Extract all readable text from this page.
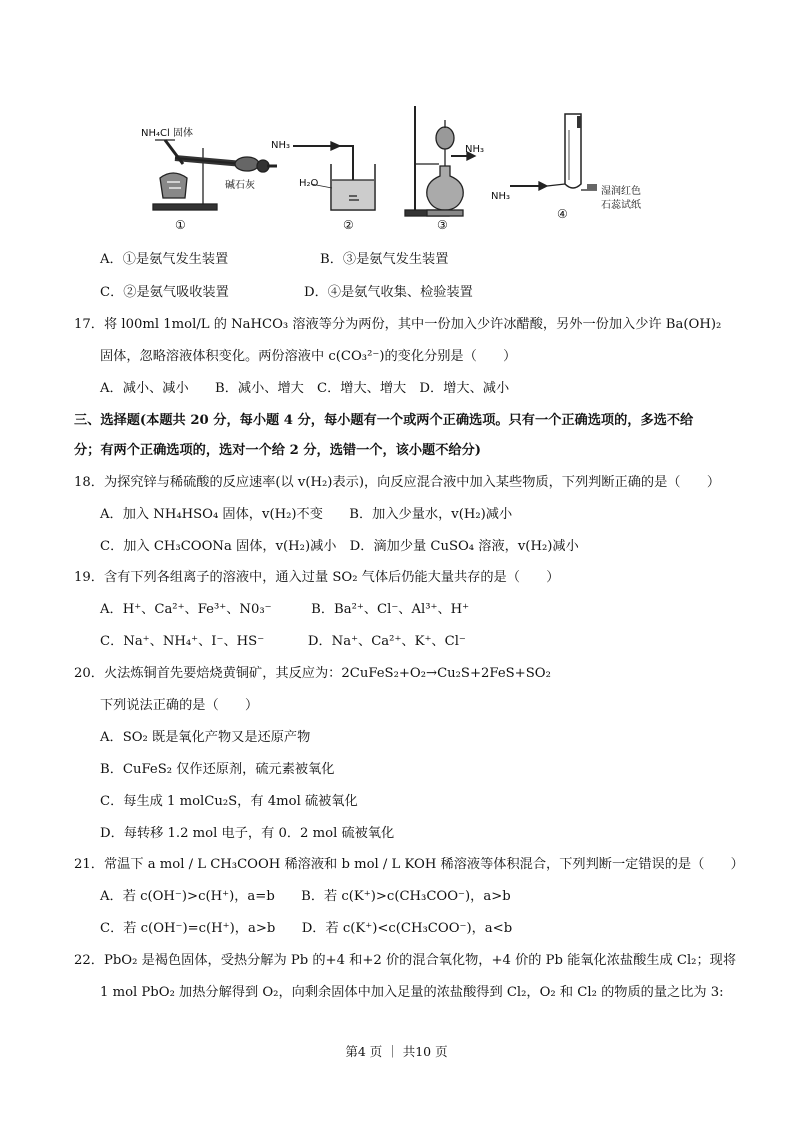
NH₄Cl 固体
NH₃
H₂O
碱石灰
NH₃
NH₃	湿润红色
石蕊试纸
①	②	③
④
A．①是氨气发生装置	B．③是氨气发生装置
C．②是氨气吸收装置	D．④是氨气收集、检验装置
17．将 l00ml 1mol/L 的 NaHCO₃ 溶液等分为两份，其中一份加入少许冰醋酸，另外一份加入少许 Ba(OH)₂
固体，忽略溶液体积变化。两份溶液中 c(CO₃²⁻)的变化分别是（　　）
A．减小、减小　　B．减小、增大　C．增大、增大　D．增大、减小
三、选择题(本题共 20 分，每小题 4 分，每小题有一个或两个正确选项。只有一个正确选项的，多选不给
分；有两个正确选项的，选对一个给 2 分，选错一个，该小题不给分)
18．为探究锌与稀硫酸的反应速率(以 v(H₂)表示)，向反应混合液中加入某些物质，下列判断正确的是（　　）
A．加入 NH₄HSO₄ 固体，v(H₂)不变　　B．加入少量水，v(H₂)减小
C．加入 CH₃COONa 固体，v(H₂)减小　D．滴加少量 CuSO₄ 溶液，v(H₂)减小
19．含有下列各组离子的溶液中，通入过量 SO₂ 气体后仍能大量共存的是（　　）
A．H⁺、Ca²⁺、Fe³⁺、N0₃⁻　　　B．Ba²⁺、Cl⁻、Al³⁺、H⁺
C．Na⁺、NH₄⁺、I⁻、HS⁻　　　 D．Na⁺、Ca²⁺、K⁺、Cl⁻
20．火法炼铜首先要焙烧黄铜矿，其反应为：2CuFeS₂+O₂→Cu₂S+2FeS+SO₂
下列说法正确的是（　　）
A．SO₂ 既是氧化产物又是还原产物
B．CuFeS₂ 仅作还原剂，硫元素被氧化
C．每生成 1 molCu₂S，有 4mol 硫被氧化
D．每转移 1.2 mol 电子，有 0．2 mol 硫被氧化
21．常温下 a mol / L CH₃COOH 稀溶液和 b mol / L KOH 稀溶液等体积混合，下列判断一定错误的是（　　）
A．若 c(OH⁻)>c(H⁺)，a=b　　B．若 c(K⁺)>c(CH₃COO⁻)，a>b
C．若 c(OH⁻)=c(H⁺)，a>b　　D．若 c(K⁺)<c(CH₃COO⁻)，a<b
22．PbO₂ 是褐色固体，受热分解为 Pb 的+4 和+2 价的混合氧化物，+4 价的 Pb 能氧化浓盐酸生成 Cl₂；现将
1 mol PbO₂ 加热分解得到 O₂，向剩余固体中加入足量的浓盐酸得到 Cl₂，O₂ 和 Cl₂ 的物质的量之比为 3:
第4 页 ｜ 共10 页
